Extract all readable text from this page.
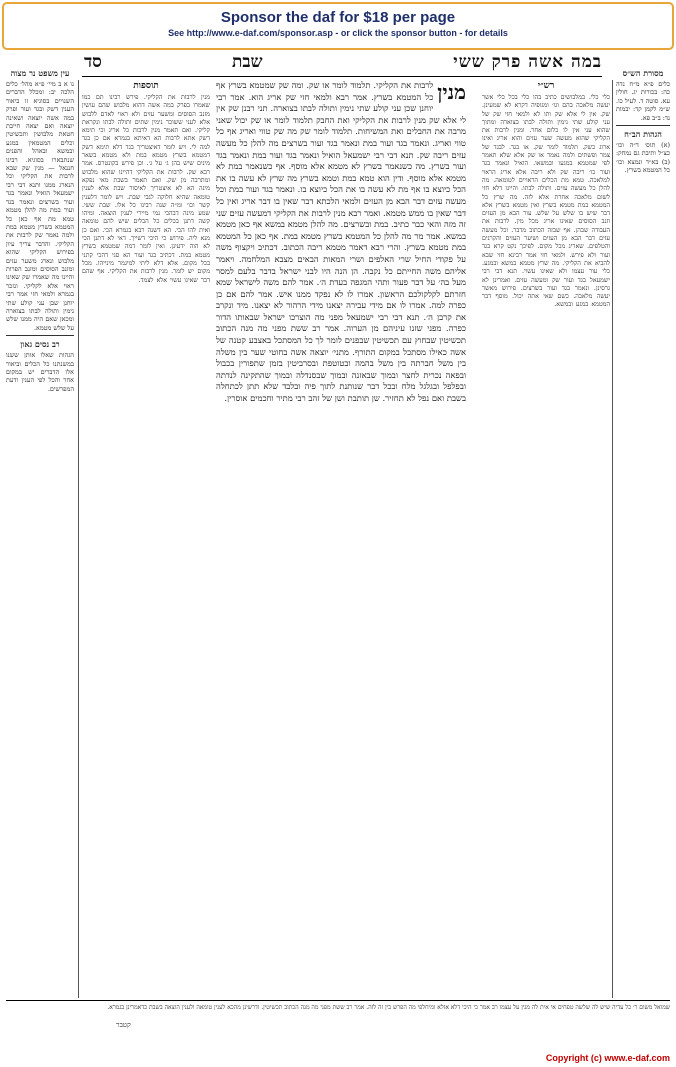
Sponsor the daf for $18 per page
See http://www.e-daf.com/sponsor.asp - or click the sponsor button - for details
במה אשה פרק ששי
שבת
סד
עין משפט נר מצוה
נו א ב מיי׳ פ״א מהל׳ כלים הלכה יב: ומכלל הדברים השנויים בסוגיא זו ביאור הענין דשק ובגד ועור ופרק במה אשה יוצאה ושאינה יוצאה ואם יצאה חייבת חטאת מלבושין ותכשיטין וכלים המטמאין במגע ובמשא ובאהל והפנים שנתבארו בסוגיא. רבינו חננאל — מנין שק שבא לרבות את הקליקי וכל הנארג ממנו ותנא דבי רבי ישמעאל הואיל ונאמר בגד ועור בשרצים ונאמר בגד ועור במת מה להלן מטמא טמא מת אף כאן כל המטמא בשרץ מטמא במת ולמה נאמר שק לרבות את הקליקי. והדבר צריך עיון בפירוש הקליקי שהוא מלבוש ונארג משער עזים ומזנב הסוסים ומזנב הפרות והיינו מה שאמרו שק שאינו ראוי אלא לקליקי. ונזכר בגמרא ולמאי חזי אמר רבי יוחנן שבן עני קולע שתי נימין ותולה לבתו בצוארה ומכאן שאם היה ממנו שלש על שלש מטמא.
רב נסים גאון
הגהות שאלו אותן ששנו במשנתנו כל הכלים וביאור אלו הדברים יש במקום אחר והכל לפי הענין ודעת המפרשים.
מסורת הש״ס
כלים פ״א מ״ח נדה כה: בכורות יג. חולין עא. סוטה ד. לעיל כו. ש״מ לקמן קד: יבמות נד: ב״ב פא.
הגהות הב״ח
(א) תוס׳ ד״ה וכו׳ כצ״ל ותיבת גם נמחק: (ב) בא״ד ונמצא וכו׳ כל המטמא בשרץ.
רש״י
כלי כלי. במלבושים כתיב בהו כלי בכל כלי אשר יעשה מלאכה בהם וגו׳ ומגופיה דקרא לא שמעינן. שק. אין לי אלא שק ותו לא ולמאי חזי שק של עני קולע שתי נימין ותולה לבתו בצוארה ומתוך שהוא עני אין לו כלום אחר. ומנין לרבות את הקליקי שהוא מעשה שער עזים והוא אריג ואינו ארוג כשק. תלמוד לומר שק. או בגד. לבגד של צמר ופשתים ולמה נאמר או שק אלא שלא תאמר לפי שמטמא במגעו ובמשאו. הואיל ונאמר בגד ועור כו׳ ריבה שק ולא ריבה אלא אריג הראוי למלאכה. טמא מת הכלים הראויים לטומאה. מה להלן כל מעשה עזים. ותולה לבתו. והיינו דלא חזי לשום מלאכה אחרת אלא לזה. מה שרץ כל המטמא במת מטמא בשרץ ואין מטמא בשרץ אלא דבר שיש בו שלש על שלש. עור הבא מן העזים וזנב הסוסים שאינו אריג מכל מין. לרבות את העבודה שבהן. אף שבזה הכתוב מדבר. וכל מעשה עזים דבר הבא מן העזים ושיער העזים והקרנים והטלפים. שאריג מכל מקום. לפיכך נקט קרא בגד ועור ולא פירש. ולמאי חזי אמר רבינא חזי שבא להביא את הקליקי. מה שרץ מטמא במשא ובמגע. כלי עור עצמו ולא שאינו עשוי. תנא דבי רבי ישמעאל בגד ועור שק ומעשה עזים. ואמרינן לא גרסינן. ונאמר בגד ועור בשרצים. פירוש מאשר יעשה מלאכה. כשם שאי אתה יכול. מוסף דבר המטמא במגע ובמשא.
תוספות
מנין לרבות את הקליקי. פירש רבינו תם כמו שאמרו בפרק במה אשה דהוא מלבוש שהם עושין מזנב הסוסים ומשער עזים ולא ראוי לאדם ללבוש אלא לעני ששוכר נימין שתים ותולה לבתו ונקראת קליקי. ואם תאמר מנין לרבות כל אריג וכי תימא דשק אתא לרבות הא דאיתא בגמרא אם כן בגד למה לי. ויש לומר דאיצטריך בגד דלא תימא דשק דמטמא בשרץ מטמא במת ולא מטמא בשאר מינים שיש בהן ג׳ על ג׳. וכן פירש בקונטרס. אמר רבא שק. לרבות את הקליקי דהיינו שהוא מלבוש ומתרבה מן שק. ואם תאמר בשבת מאי נפקא מינה הא לא איצטריך לאיסור שבת אלא לענין טומאה שהיא חלוקה לגבי שבת. ויש לומר דלענין קשר וכו׳ ומ״ה שנה רבינו כל אלו. שבת ששי. שמע מינה דבהכי נמי מיירי לענין הוצאה. ומיהו קשה דתנן בכלים כל הכלים שיש להם טומאה ואית להו הכי. הא דשנה רבא בגמרא הכי. ואם כן מנא ליה. פירוש כי היכי דשייך. דאי לא דתנן הכי לא הוה ידעינן. ואין לומר דמה שמטמא בשרץ מטמא במת. דכתיב בגד ועור הא סגי דהכי קתני בכל מקום. אלא דלא ליתי למיגמר מינייהו. מכל מקום יש לומר. מנין לרבות את הקליקי. אף שהם דבר שאינו עשוי אלא לצמד.
מנין
לרבות את הקליקי. תלמוד לומר או שק. ומה שק שמטמא בשרץ אף כל המטמא בשרץ. אמר רבא ולמאי חזי שק אריג הוא. אמר רבי יוחנן שכן עני קולע שתי נימין ותולה לבתו בצוארה. תני רבנן שק אין לי אלא שק מנין לרבות את הקליקי ואת החבק תלמוד לומר או שק יכול שאני מרבה את החבלים ואת המשיחות. תלמוד לומר שק מה שק טווי ואריג אף כל טווי ואריג. ונאמר בגד ועור במת ונאמר בגד ועור בשרצים מה להלן כל מעשה עזים ריבה שק. תנא דבי רבי ישמעאל הואיל ונאמר בגד ועור במת ונאמר בגד ועור בשרץ. מה כשנאמר בשרץ לא מטמא אלא מוסף. אף כשנאמר במת לא מטמא אלא מוסף. ודין הוא טמא במת וטמא בשרץ מה שרץ לא עשה בו את הכל כיוצא בו אף מת לא עשה בו את הכל כיוצא בו. ונאמר בגד ועור במת וכל מעשה עזים דבר הבא מן העזים ולמאי הלכתא דבר שאין בו דבר אריג ואין כל דבר שאין בו ממש מטמא. ואמר רבא מנין לרבות את הקליקי דמעשה עזים שני זה מזה והאי כבר כתיב. במת ובשרצים. מה להלן מטמא במשא אף כאן מטמא במשא. אמר מר מה להלן כל המטמא בשרץ מטמא במת. אף כאן כל המטמא במת מטמא בשרץ. והרי רבא דאמר מטמא ריבה הכתוב. דכתיב ויקצוף משה על פקודי החיל שרי האלפים ושרי המאות הבאים מצבא המלחמה. ויאמר אליהם משה החייתם כל נקבה. הן הנה היו לבני ישראל בדבר בלעם למסר מעל בה׳ על דבר פעור ותהי המגפה בעדת ה׳. אמר להם משה לישראל שמא חזרתם לקלקולכם הראשון. אמרו לו לא נפקד ממנו איש. אמר להם אם כן כפרה למה. אמרו לו אם מידי עבירה יצאנו מידי הרהור לא יצאנו. מיד ונקרב את קרבן ה׳. תנא דבי רבי ישמעאל מפני מה הוצרכו ישראל שבאותו הדור כפרה. מפני שזנו עיניהם מן הערוה. אמר רב ששת מפני מה מנה הכתוב תכשיטין שבחוץ עם תכשיטין שבפנים לומר לך כל המסתכל באצבע קטנה של אשה כאילו מסתכל במקום התורף. מתני׳ יוצאה אשה בחוטי שער בין משלה בין משל חברתה בין משל בהמה ובטוטפת ובסרביטין בזמן שתפורין בכבול ובפאה נכרית לחצר ובמוך שבאזנה ובמוך שבסנדלה ובמוך שהתקינה לנדתה ובפלפל ובגלגל מלח ובכל דבר שנותנת לתוך פיה ובלבד שלא תתן לכתחלה בשבת ואם נפל לא תחזיר. שן תותבת ושן של זהב רבי מתיר וחכמים אוסרין.
שמואל משום ר׳ כל עדיה שיש לה שלשה טפחים אי אית לה מגין על עצמו רב אמר כי היכי דלא אזלא ומיחלפי מה הפרש בין זה לזה. אמר רב ששת מפני מה מנה הכתוב תכשיטין. ודרשינן מהכא לענין טומאה ולענין הוצאה בשבת כדאמרינן בגמרא.
קטבר
Copyright (c) www.e-daf.com
